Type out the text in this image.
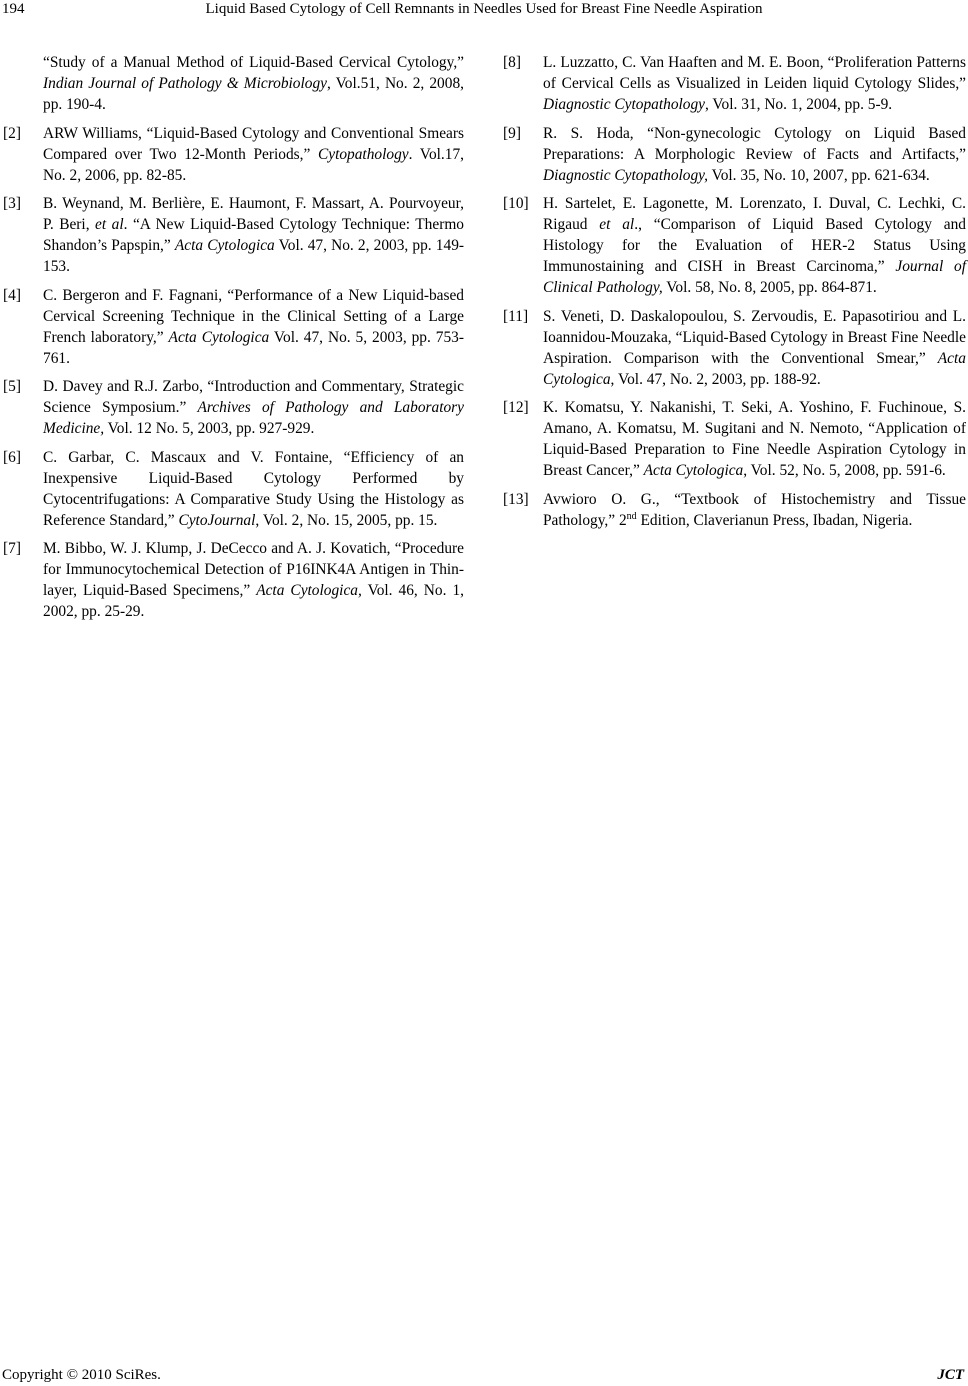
194	Liquid Based Cytology of Cell Remnants in Needles Used for Breast Fine Needle Aspiration
“Study of a Manual Method of Liquid-Based Cervical Cytology,” Indian Journal of Pathology & Microbiology, Vol.51, No. 2, 2008, pp. 190-4.
[2] ARW Williams, “Liquid-Based Cytology and Conventional Smears Compared over Two 12-Month Periods,” Cytopathology. Vol.17, No. 2, 2006, pp. 82-85.
[3] B. Weynand, M. Berlière, E. Haumont, F. Massart, A. Pourvoyeur, P. Beri, et al. “A New Liquid-Based Cytology Technique: Thermo Shandon’s Papspin,” Acta Cytologica Vol. 47, No. 2, 2003, pp. 149-153.
[4] C. Bergeron and F. Fagnani, “Performance of a New Liquid-based Cervical Screening Technique in the Clinical Setting of a Large French laboratory,” Acta Cytologica Vol. 47, No. 5, 2003, pp. 753-761.
[5] D. Davey and R.J. Zarbo, “Introduction and Commentary, Strategic Science Symposium.” Archives of Pathology and Laboratory Medicine, Vol. 12 No. 5, 2003, pp. 927-929.
[6] C. Garbar, C. Mascaux and V. Fontaine, “Efficiency of an Inexpensive Liquid-Based Cytology Performed by Cytocentrifugations: A Comparative Study Using the Histology as Reference Standard,” CytoJournal, Vol. 2, No. 15, 2005, pp. 15.
[7] M. Bibbo, W. J. Klump, J. DeCecco and A. J. Kovatich, “Procedure for Immunocytochemical Detection of P16INK4A Antigen in Thin-layer, Liquid-Based Specimens,” Acta Cytologica, Vol. 46, No. 1, 2002, pp. 25-29.
[8] L. Luzzatto, C. Van Haaften and M. E. Boon, “Proliferation Patterns of Cervical Cells as Visualized in Leiden liquid Cytology Slides,” Diagnostic Cytopathology, Vol. 31, No. 1, 2004, pp. 5-9.
[9] R. S. Hoda, “Non-gynecologic Cytology on Liquid Based Preparations: A Morphologic Review of Facts and Artifacts,” Diagnostic Cytopathology, Vol. 35, No. 10, 2007, pp. 621-634.
[10] H. Sartelet, E. Lagonette, M. Lorenzato, I. Duval, C. Lechki, C. Rigaud et al., “Comparison of Liquid Based Cytology and Histology for the Evaluation of HER-2 Status Using Immunostaining and CISH in Breast Carcinoma,” Journal of Clinical Pathology, Vol. 58, No. 8, 2005, pp. 864-871.
[11] S. Veneti, D. Daskalopoulou, S. Zervoudis, E. Papasotiriou and L. Ioannidou-Mouzaka, “Liquid-Based Cytology in Breast Fine Needle Aspiration. Comparison with the Conventional Smear,” Acta Cytologica, Vol. 47, No. 2, 2003, pp. 188-92.
[12] K. Komatsu, Y. Nakanishi, T. Seki, A. Yoshino, F. Fuchinoue, S. Amano, A. Komatsu, M. Sugitani and N. Nemoto, “Application of Liquid-Based Preparation to Fine Needle Aspiration Cytology in Breast Cancer,” Acta Cytologica, Vol. 52, No. 5, 2008, pp. 591-6.
[13] Avwioro O. G., “Textbook of Histochemistry and Tissue Pathology,” 2nd Edition, Claverianun Press, Ibadan, Nigeria.
Copyright © 2010 SciRes.	JCT
